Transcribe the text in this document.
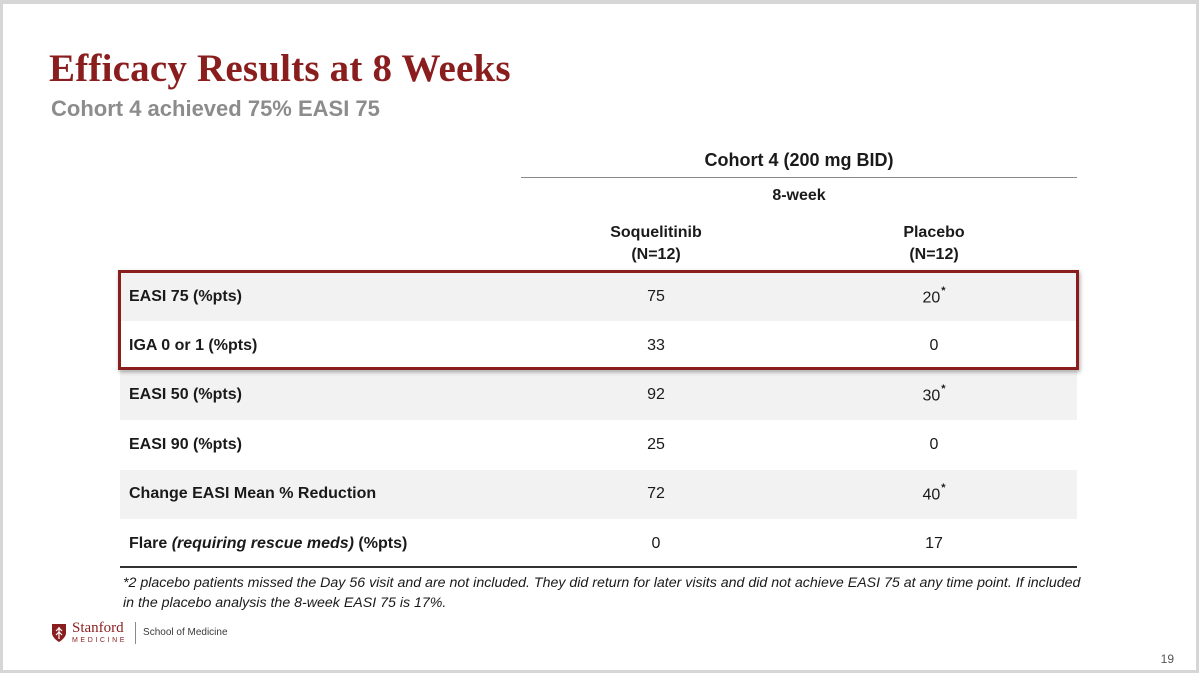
Efficacy Results at 8 Weeks
Cohort 4 achieved 75% EASI 75
Cohort 4 (200 mg BID)
8-week
Soquelitinib
(N=12)
Placebo
(N=12)
EASI 75 (%pts)	75	20*
IGA 0 or 1 (%pts)	33	0
EASI 50 (%pts)	92	30*
EASI 90 (%pts)	25	0
Change EASI Mean % Reduction	72	40*
Flare (requiring rescue meds) (%pts)	0	17
*2 placebo patients missed the Day 56 visit and are not included. They did return for later visits and did not achieve EASI 75 at any time point. If included in the placebo analysis the 8-week EASI 75 is 17%.
Stanford
MEDICINE
School of Medicine
19
